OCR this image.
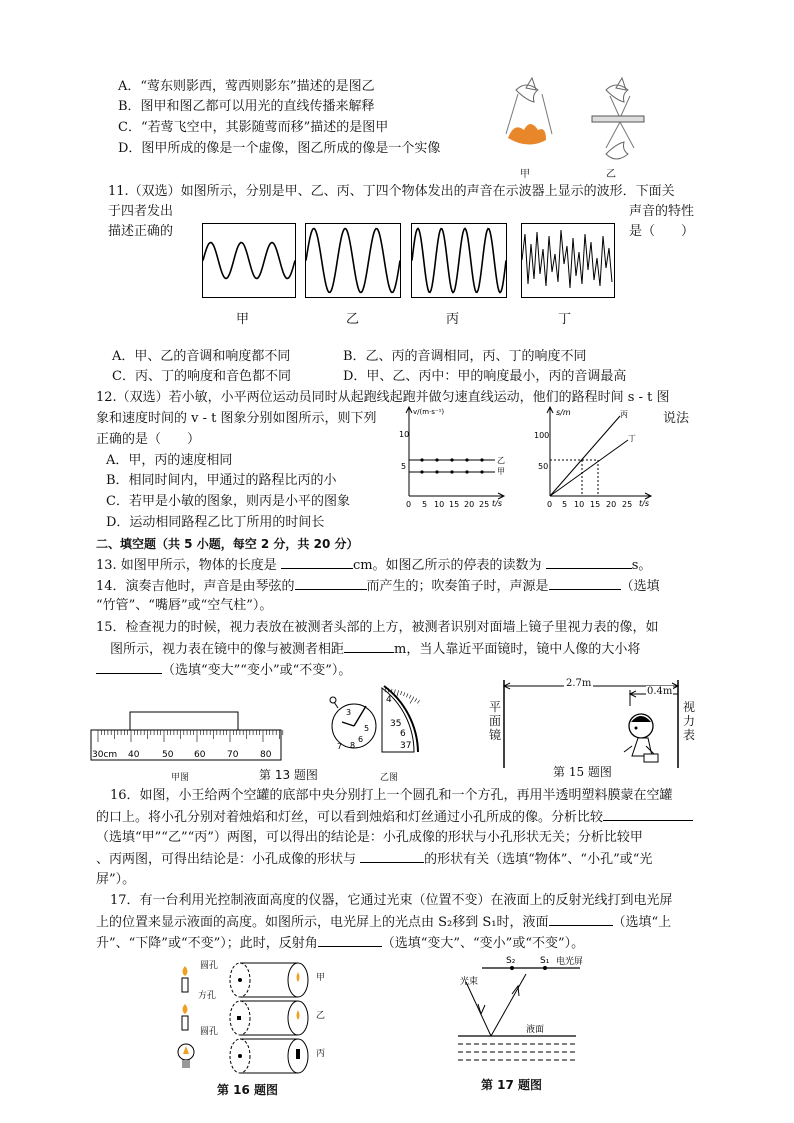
A．“莺东则影西，莺西则影东”描述的是图乙
B．图甲和图乙都可以用光的直线传播来解释
C．“若莺飞空中，其影随莺而移”描述的是图甲
D．图甲所成的像是一个虚像，图乙所成的像是一个实像
甲	乙
11.（双选）如图所示，分别是甲、乙、丙、丁四个物体发出的声音在示波器上显示的波形．下面关
于四者发出	声音的特性
描述正确的	是（　　）
甲	乙	丙	丁
A．甲、乙的音调和响度都不同	B．乙、丙的音调相同，丙、丁的响度不同
C．丙、丁的响度和音色都不同	D．甲、乙、丙中：甲的响度最小，丙的音调最高
12.（双选）若小敏，小平两位运动员同时从起跑线起跑并做匀速直线运动，他们的路程时间 s - t 图
象和速度时间的 v - t 图象分别如图所示，则下列	说法
正确的是（　　）
A．甲，丙的速度相同
B．相同时间内，甲通过的路程比丙的小
C．若甲是小敏的图象，则丙是小平的图象
D．运动相同路程乙比丁所用的时间长
v/(m·s⁻¹)
t/s
10
5
0 5 10 15 20 25
乙
甲
s/m
t/s
100
50
0 5 10 15 20 25
丙
丁
二、填空题（共 5 小题，每空 2 分，共 20 分）
13. 如图甲所示，物体的长度是	cm。如图乙所示的停表的读数为	s。
14．演奏吉他时，声音是由琴弦的	而产生的；吹奏笛子时，声源是	（选填
“竹管”、“嘴唇”或“空气柱”）。
15．检查视力的时候，视力表放在被测者头部的上方，被测者识别对面墙上镜子里视力表的像，如
图所示，视力表在镜中的像与被测者相距	m，当人靠近平面镜时，镜中人像的大小将
（选填“变大”“变小”或“不变”）。
30cm 40	50 60 70 80
甲图
4
35
6
37
3
5
6
7 8
乙图
第 13 题图
2.7m
0.4m
平面镜
视力表
第 15 题图
16．如图，小王给两个空罐的底部中央分别打上一个圆孔和一个方孔，再用半透明塑料膜蒙在空罐
的口上。将小孔分别对着烛焰和灯丝，可以看到烛焰和灯丝通过小孔所成的像。分析比较
（选填“甲”“乙”“丙”）两图，可以得出的结论是：小孔成像的形状与小孔形状无关；分析比较甲
、丙两图，可得出结论是：小孔成像的形状与	的形状有关（选填“物体”、“小孔”或“光
屏”）。
17．有一台利用光控制液面高度的仪器，它通过光束（位置不变）在液面上的反射光线打到电光屏
上的位置来显示液面的高度。如图所示，电光屏上的光点由 S₂移到 S₁时，液面	（选填“上
升”、“下降”或“不变”）；此时，反射角	（选填“变大”、“变小”或“不变”）。
圆孔
方孔
圆孔
甲
乙
丙
第 16 题图
S₂	S₁ 电光屏
光束
液面
第 17 题图
